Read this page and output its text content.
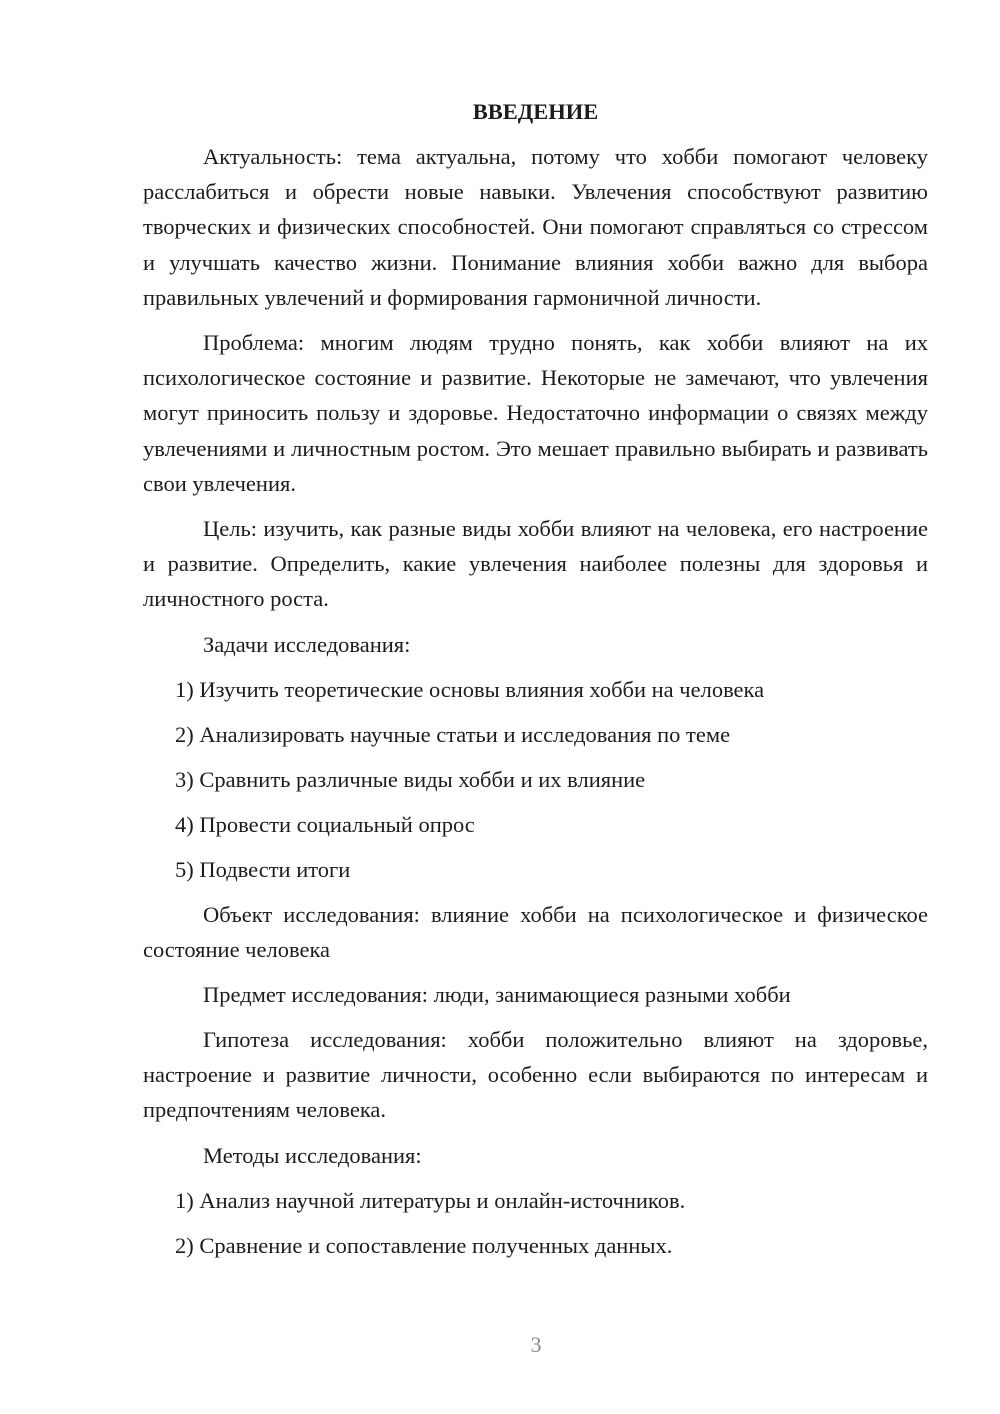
ВВЕДЕНИЕ

Актуальность: тема актуальна, потому что хобби помогают человеку расслабиться и обрести новые навыки. Увлечения способствуют развитию творческих и физических способностей. Они помогают справляться со стрессом и улучшать качество жизни. Понимание влияния хобби важно для выбора правильных увлечений и формирования гармоничной личности.

Проблема: многим людям трудно понять, как хобби влияют на их психологическое состояние и развитие. Некоторые не замечают, что увлечения могут приносить пользу и здоровье. Недостаточно информации о связях между увлечениями и личностным ростом. Это мешает правильно выбирать и развивать свои увлечения.

Цель: изучить, как разные виды хобби влияют на человека, его настроение и развитие. Определить, какие увлечения наиболее полезны для здоровья и личностного роста.

Задачи исследования:

1) Изучить теоретические основы влияния хобби на человека
2) Анализировать научные статьи и исследования по теме
3) Сравнить различные виды хобби и их влияние
4) Провести социальный опрос
5) Подвести итоги

Объект исследования: влияние хобби на психологическое и физическое состояние человека

Предмет исследования: люди, занимающиеся разными хобби

Гипотеза исследования: хобби положительно влияют на здоровье, настроение и развитие личности, особенно если выбираются по интересам и предпочтениям человека.

Методы исследования:

1) Анализ научной литературы и онлайн-источников.
2) Сравнение и сопоставление полученных данных.
3
